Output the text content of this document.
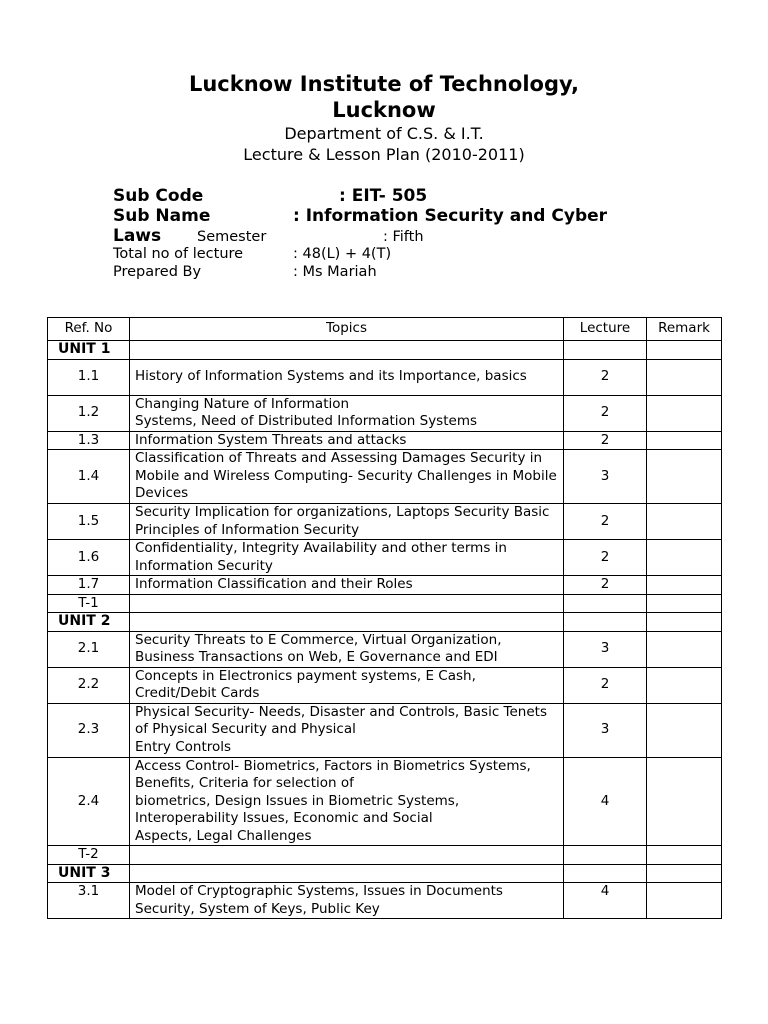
Lucknow Institute of Technology,
Lucknow
Department of C.S. & I.T.
Lecture & Lesson Plan (2010-2011)
Sub Code	: EIT- 505
Sub Name	: Information Security and Cyber
Laws Semester	: Fifth
Total no of lecture	: 48(L) + 4(T)
Prepared By	: Ms Mariah
Ref. No	Topics	Lecture	Remark
UNIT 1			
1.1	History of Information Systems and its Importance, basics	2	
1.2	Changing Nature of Information
Systems, Need of Distributed Information Systems	2	
1.3	Information System Threats and attacks	2	
1.4	Classification of Threats and Assessing Damages Security in Mobile and Wireless Computing- Security Challenges in Mobile Devices	3	
1.5	Security Implication for organizations, Laptops Security Basic Principles of Information Security	2	
1.6	Confidentiality, Integrity Availability and other terms in Information Security	2	
1.7	Information Classification and their Roles	2	
T-1			
UNIT 2			
2.1	Security Threats to E Commerce, Virtual Organization, Business Transactions on Web, E Governance and EDI	3	
2.2	Concepts in Electronics payment systems, E Cash, Credit/Debit Cards	2	
2.3	Physical Security- Needs, Disaster and Controls, Basic Tenets of Physical Security and Physical
Entry Controls	3	
2.4	Access Control- Biometrics, Factors in Biometrics Systems, Benefits, Criteria for selection of
biometrics, Design Issues in Biometric Systems,
Interoperability Issues, Economic and Social
Aspects, Legal Challenges	4	
T-2			
UNIT 3			
3.1	Model of Cryptographic Systems, Issues in Documents Security, System of Keys, Public Key	4	
